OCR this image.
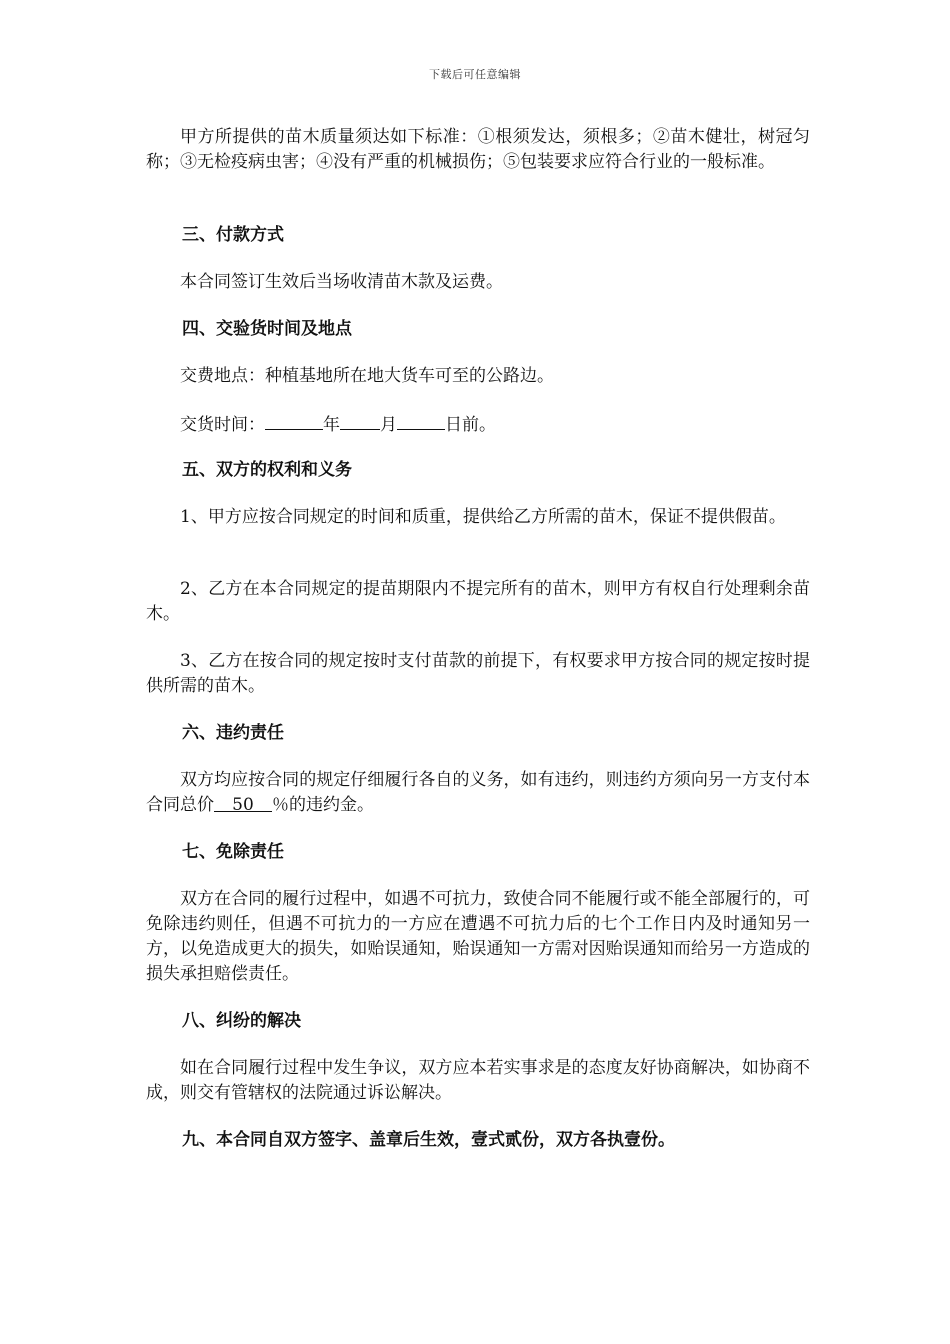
下载后可任意编辑

甲方所提供的苗木质量须达如下标准：①根须发达，须根多；②苗木健壮，树冠匀称；③无检疫病虫害；④没有严重的机械损伤；⑤包装要求应符合行业的一般标准。

三、付款方式

本合同签订生效后当场收清苗木款及运费。

四、交验货时间及地点

交费地点：种植基地所在地大货车可至的公路边。

交货时间：	年 月	日前。

五、双方的权利和义务

1、甲方应按合同规定的时间和质重，提供给乙方所需的苗木，保证不提供假苗。

2、乙方在本合同规定的提苗期限内不提完所有的苗木，则甲方有权自行处理剩余苗木。

3、乙方在按合同的规定按时支付苗款的前提下，有权要求甲方按合同的规定按时提供所需的苗木。

六、违约责任

双方均应按合同的规定仔细履行各自的义务，如有违约，则违约方须向另一方支付本合同总价 50 ％的违约金。

七、免除责任

双方在合同的履行过程中，如遇不可抗力，致使合同不能履行或不能全部履行的，可免除违约则任，但遇不可抗力的一方应在遭遇不可抗力后的七个工作日内及时通知另一方，以免造成更大的损失，如贻误通知，贻误通知一方需对因贻误通知而给另一方造成的损失承担赔偿责任。

八、纠纷的解决

如在合同履行过程中发生争议，双方应本若实事求是的态度友好协商解决，如协商不成，则交有管辖权的法院通过诉讼解决。

九、本合同自双方签字、盖章后生效，壹式贰份，双方各执壹份。
